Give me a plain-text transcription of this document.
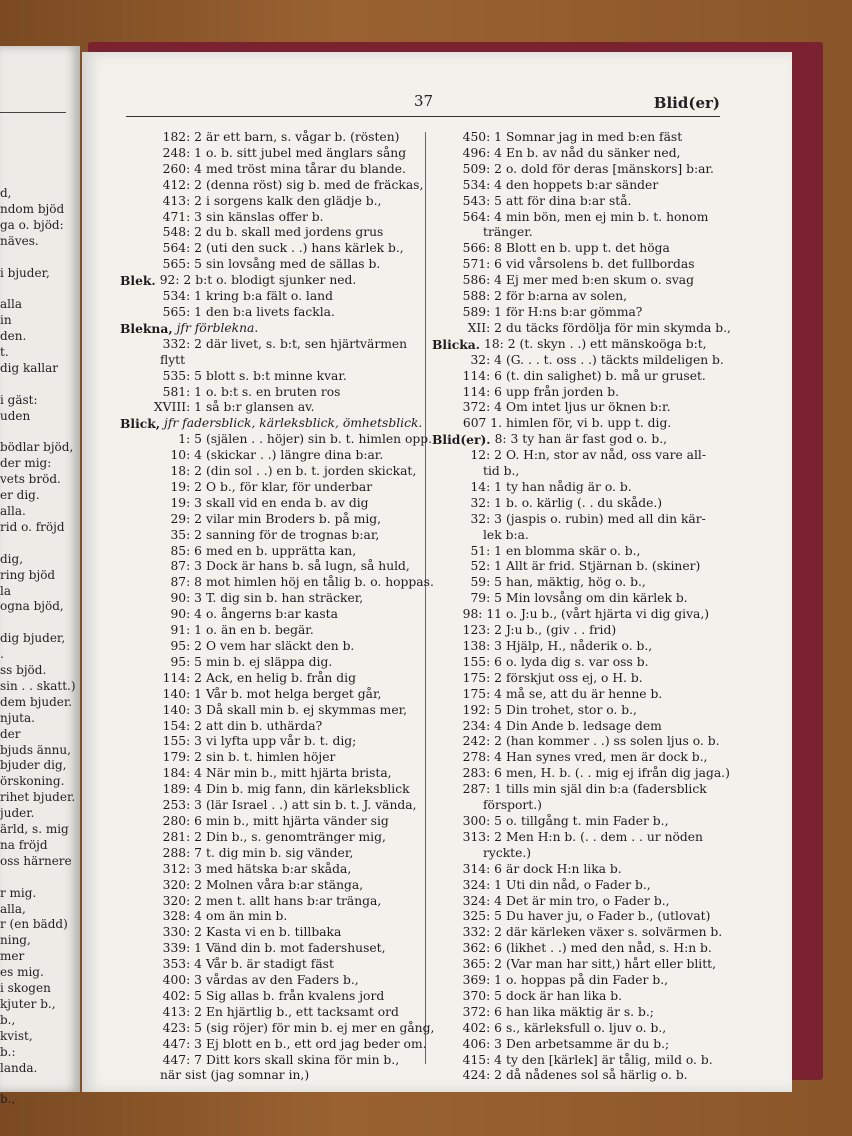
d,
ndom bjöd
ga o. bjöd:
näves.
i bjuder,
alla
in
den.
t.
dig kallar
i gäst:
uden
bödlar bjöd,
der mig:
vets bröd.
er dig.
alla.
rid o. fröjd
dig,
ring bjöd
la
ogna bjöd,
dig bjuder,
.
ss bjöd.
sin . . skatt.)
dem bjuder.
njuta.
der
bjuds ännu,
bjuder dig,
örskoning.
rihet bjuder.
juder.
ärld, s. mig
na fröjd
oss härnere
r mig.
alla,
r (en bädd)
ning,
mer
es mig.
i skogen
kjuter b.,
b.,
kvist,
b.:
landa.
b.,
37	Blid(er)
182: 2 är ett barn, s. vågar b. (rösten)
248: 1 o. b. sitt jubel med änglars sång
260: 4 med tröst mina tårar du blande.
412: 2 (denna röst) sig b. med de fräckas,
413: 2 i sorgens kalk den glädje b.,
471: 3 sin känslas offer b.
548: 2 du b. skall med jordens grus
564: 2 (uti den suck . .) hans kärlek b.,
565: 5 sin lovsång med de sällas b.
Blek. 92: 2 b:t o. blodigt sjunker ned.
534: 1 kring b:a fält o. land
565: 1 den b:a livets fackla.
Blekna, jfr förblekna.
332: 2 där livet, s. b:t, sen hjärtvärmen
flytt
535: 5 blott s. b:t minne kvar.
581: 1 o. b:t s. en bruten ros
XVIII: 1 så b:r glansen av.
Blick, jfr fadersblick, kärleksblick, ömhetsblick.
1: 5 (själen . . höjer) sin b. t. himlen opp.
10: 4 (skickar . .) längre dina b:ar.
18: 2 (din sol . .) en b. t. jorden skickat,
19: 2 O b., för klar, för underbar
19: 3 skall vid en enda b. av dig
29: 2 vilar min Broders b. på mig,
35: 2 sanning för de trognas b:ar,
85: 6 med en b. upprätta kan,
87: 3 Dock är hans b. så lugn, så huld,
87: 8 mot himlen höj en tålig b. o. hoppas.
90: 3 T. dig sin b. han sträcker,
90: 4 o. ångerns b:ar kasta
91: 1 o. än en b. begär.
95: 2 O vem har släckt den b.
95: 5 min b. ej släppa dig.
114: 2 Ack, en helig b. från dig
140: 1 Vår b. mot helga berget går,
140: 3 Då skall min b. ej skymmas mer,
154: 2 att din b. uthärda?
155: 3 vi lyfta upp vår b. t. dig;
179: 2 sin b. t. himlen höjer
184: 4 När min b., mitt hjärta brista,
189: 4 Din b. mig fann, din kärleksblick
253: 3 (lär Israel . .) att sin b. t. J. vända,
280: 6 min b., mitt hjärta vänder sig
281: 2 Din b., s. genomtränger mig,
288: 7 t. dig min b. sig vänder,
312: 3 med hätska b:ar skåda,
320: 2 Molnen våra b:ar stänga,
320: 2 men t. allt hans b:ar tränga,
328: 4 om än min b.
330: 2 Kasta vi en b. tillbaka
339: 1 Vänd din b. mot fadershuset,
353: 4 Vår b. är stadigt fäst
400: 3 vårdas av den Faders b.,
402: 5 Sig allas b. från kvalens jord
413: 2 En hjärtlig b., ett tacksamt ord
423: 5 (sig röjer) för min b. ej mer en gång,
447: 3 Ej blott en b., ett ord jag beder om.
447: 7 Ditt kors skall skina för min b.,
när sist (jag somnar in,)
450: 1 Somnar jag in med b:en fäst
496: 4 En b. av nåd du sänker ned,
509: 2 o. dold för deras [mänskors] b:ar.
534: 4 den hoppets b:ar sänder
543: 5 att för dina b:ar stå.
564: 4 min bön, men ej min b. t. honom
tränger.
566: 8 Blott en b. upp t. det höga
571: 6 vid vårsolens b. det fullbordas
586: 4 Ej mer med b:en skum o. svag
588: 2 för b:arna av solen,
589: 1 för H:ns b:ar gömma?
XII: 2 du täcks fördölja för min skymda b.,
Blicka. 18: 2 (t. skyn . .) ett mänskoöga b:t,
32: 4 (G. . . t. oss . .) täckts mildeligen b.
114: 6 (t. din salighet) b. må ur gruset.
114: 6 upp från jorden b.
372: 4 Om intet ljus ur öknen b:r.
607 1. himlen för, vi b. upp t. dig.
Blid(er). 8: 3 ty han är fast god o. b.,
12: 2 O. H:n, stor av nåd, oss vare all-
tid b.,
14: 1 ty han nådig är o. b.
32: 1 b. o. kärlig (. . du skåde.)
32: 3 (jaspis o. rubin) med all din kär-
lek b:a.
51: 1 en blomma skär o. b.,
52: 1 Allt är frid. Stjärnan b. (skiner)
59: 5 han, mäktig, hög o. b.,
79: 5 Min lovsång om din kärlek b.
98: 11 o. J:u b., (vårt hjärta vi dig giva,)
123: 2 J:u b., (giv . . frid)
138: 3 Hjälp, H., nåderik o. b.,
155: 6 o. lyda dig s. var oss b.
175: 2 förskjut oss ej, o H. b.
175: 4 må se, att du är henne b.
192: 5 Din trohet, stor o. b.,
234: 4 Din Ande b. ledsage dem
242: 2 (han kommer . .) ss solen ljus o. b.
278: 4 Han synes vred, men är dock b.,
283: 6 men, H. b. (. . mig ej ifrån dig jaga.)
287: 1 tills min själ din b:a (fadersblick
försport.)
300: 5 o. tillgång t. min Fader b.,
313: 2 Men H:n b. (. . dem . . ur nöden
ryckte.)
314: 6 är dock H:n lika b.
324: 1 Uti din nåd, o Fader b.,
324: 4 Det är min tro, o Fader b.,
325: 5 Du haver ju, o Fader b., (utlovat)
332: 2 där kärleken växer s. solvärmen b.
362: 6 (likhet . .) med den nåd, s. H:n b.
365: 2 (Var man har sitt,) hårt eller blitt,
369: 1 o. hoppas på din Fader b.,
370: 5 dock är han lika b.
372: 6 han lika mäktig är s. b.;
402: 6 s., kärleksfull o. ljuv o. b.,
406: 3 Den arbetsamme är du b.;
415: 4 ty den [kärlek] är tålig, mild o. b.
424: 2 då nådenes sol så härlig o. b.
